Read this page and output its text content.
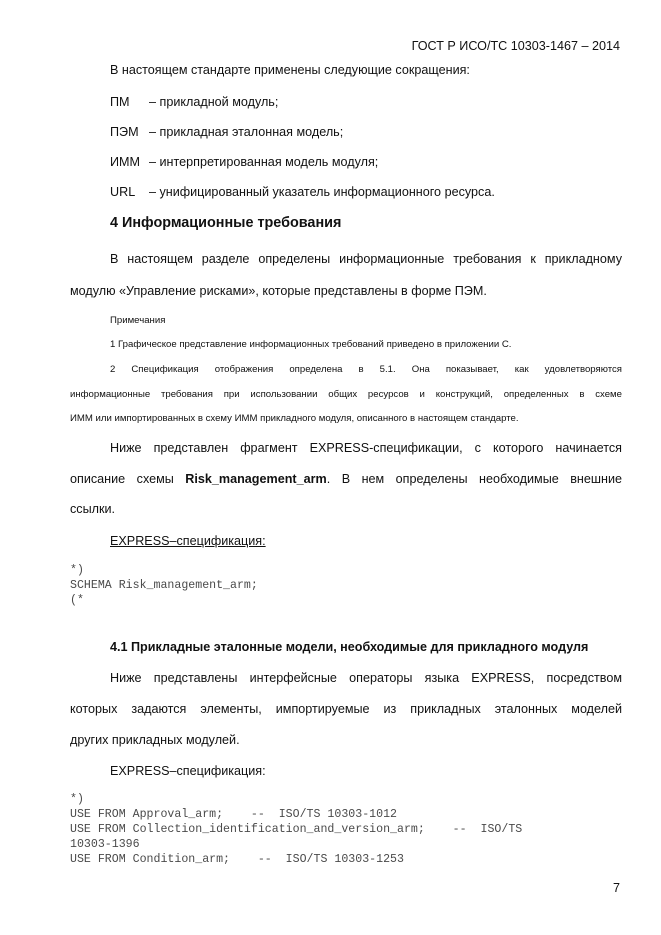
ГОСТ Р ИСО/ТС 10303-1467 – 2014
В настоящем стандарте применены следующие сокращения:
ПМ – прикладной модуль;
ПЭМ – прикладная эталонная модель;
ИММ – интерпретированная модель модуля;
URL – унифицированный указатель информационного ресурса.
4 Информационные требования
В настоящем разделе определены информационные требования к прикладному
модулю «Управление рисками», которые представлены в форме ПЭМ.
Примечания
1 Графическое представление информационных требований приведено в приложении С.
2 Спецификация отображения определена в 5.1. Она показывает, как удовлетворяются
информационные требования при использовании общих ресурсов и конструкций, определенных в схеме
ИММ или импортированных в схему ИММ прикладного модуля, описанного в настоящем стандарте.
Ниже представлен фрагмент EXPRESS-спецификации, с которого начинается
описание схемы Risk_management_arm. В нем определены необходимые внешние
ссылки.
EXPRESS–спецификация:
*)
SCHEMA Risk_management_arm;
(*
4.1 Прикладные эталонные модели, необходимые для прикладного модуля
Ниже представлены интерфейсные операторы языка EXPRESS, посредством
которых задаются элементы, импортируемые из прикладных эталонных моделей
других прикладных модулей.
EXPRESS–спецификация:
*)
USE FROM Approval_arm;    --  ISO/TS 10303-1012
USE FROM Collection_identification_and_version_arm;    --  ISO/TS
10303-1396
USE FROM Condition_arm;    --  ISO/TS 10303-1253
7
